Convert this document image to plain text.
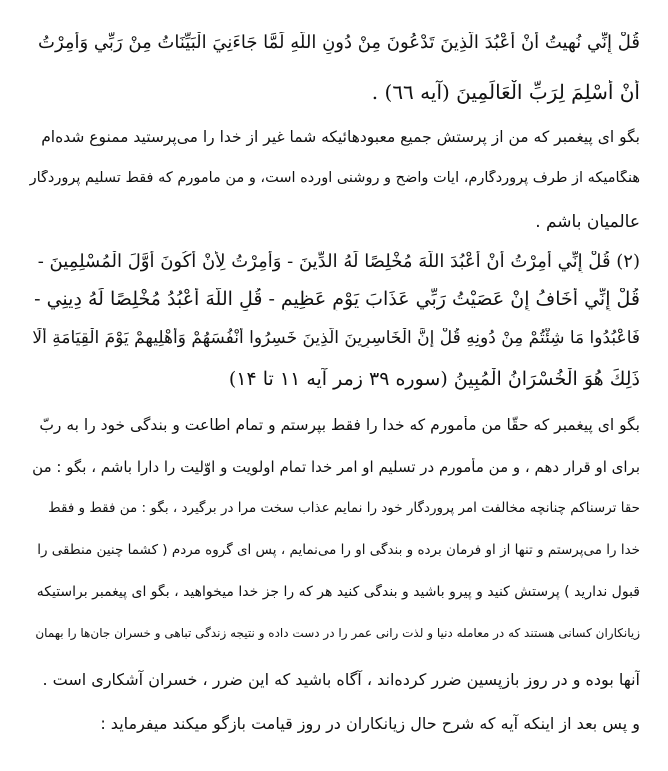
قُلْ إِنِّي نُهِيتُ أَنْ أَعْبُدَ الَّذِينَ تَدْعُونَ مِنْ دُونِ اللَّهِ لَمَّا جَاءَنِيَ الْبَيِّنَاتُ مِنْ رَبِّي وَأُمِرْتُ
أَنْ أُسْلِمَ لِرَبِّ الْعَالَمِينَ (آیه ٦٦) .
بگو ای پیغمبر که من از پرستش جمیع معبودهائیکه شما غیر از خدا را می‌پرستید ممنوع شده‌ام
هنگامیکه از طرف پروردگارم، آیات واضح و روشنی آورده است، و من مأمورم که فقط تسلیم پروردگار
عالمیان باشم .
(۲) قُلْ إِنِّي أُمِرْتُ أَنْ أَعْبُدَ اللَّهَ مُخْلِصًا لَهُ الدِّينَ - وَأُمِرْتُ لِأَنْ أَكُونَ أَوَّلَ الْمُسْلِمِينَ -
قُلْ إِنِّي أَخَافُ إِنْ عَصَيْتُ رَبِّي عَذَابَ يَوْمٍ عَظِيمٍ - قُلِ اللَّهَ أَعْبُدُ مُخْلِصًا لَهُ دِينِي -
فَاعْبُدُوا مَا شِئْتُمْ مِنْ دُونِهِ قُلْ إِنَّ الْخَاسِرِينَ الَّذِينَ خَسِرُوا أَنْفُسَهُمْ وَأَهْلِيهِمْ يَوْمَ الْقِيَامَةِ أَلَا
ذَلِكَ هُوَ الْخُسْرَانُ الْمُبِينُ (سوره ۳۹ زمر آیه ۱۱ تا ۱۴)
بگو ای پیغمبر که حقّا من مأمورم که خدا را فقط بپرستم و تمام اطاعت و بندگی خود را به ربّ
برای او قرار دهم ، و من مأمورم در تسلیم او امر خدا تمام اولویت و اوّلیت را دارا باشم ، بگو : من
حقا ترسناکم چنانچه مخالفت امر پروردگار خود را نمایم عذاب سخت مرا در برگیرد ، بگو : من فقط و فقط
خدا را می‌پرستم و تنها از او فرمان برده و بندگی او را می‌نمایم ، پس ای گروه مردم ( کشما چنین منطقی را
قبول ندارید ) پرستش کنید و پیرو باشید و بندگی کنید هر که را جز خدا میخواهید ، بگو ای پیغمبر براستیکه
زیانکاران کسانی هستند که در معامله دنیا و لذت رانی عمر را در دست داده و نتیجه زندگی تباهی و خسران جان‌ها را بهمان
آنها بوده و در روز بازپسین ضرر کرده‌اند ، آگاه باشید که این ضرر ، خسران آشکاری است .
و پس بعد از اینکه آیه که شرح حال زیانکاران در روز قیامت بازگو میکند میفرماید :
